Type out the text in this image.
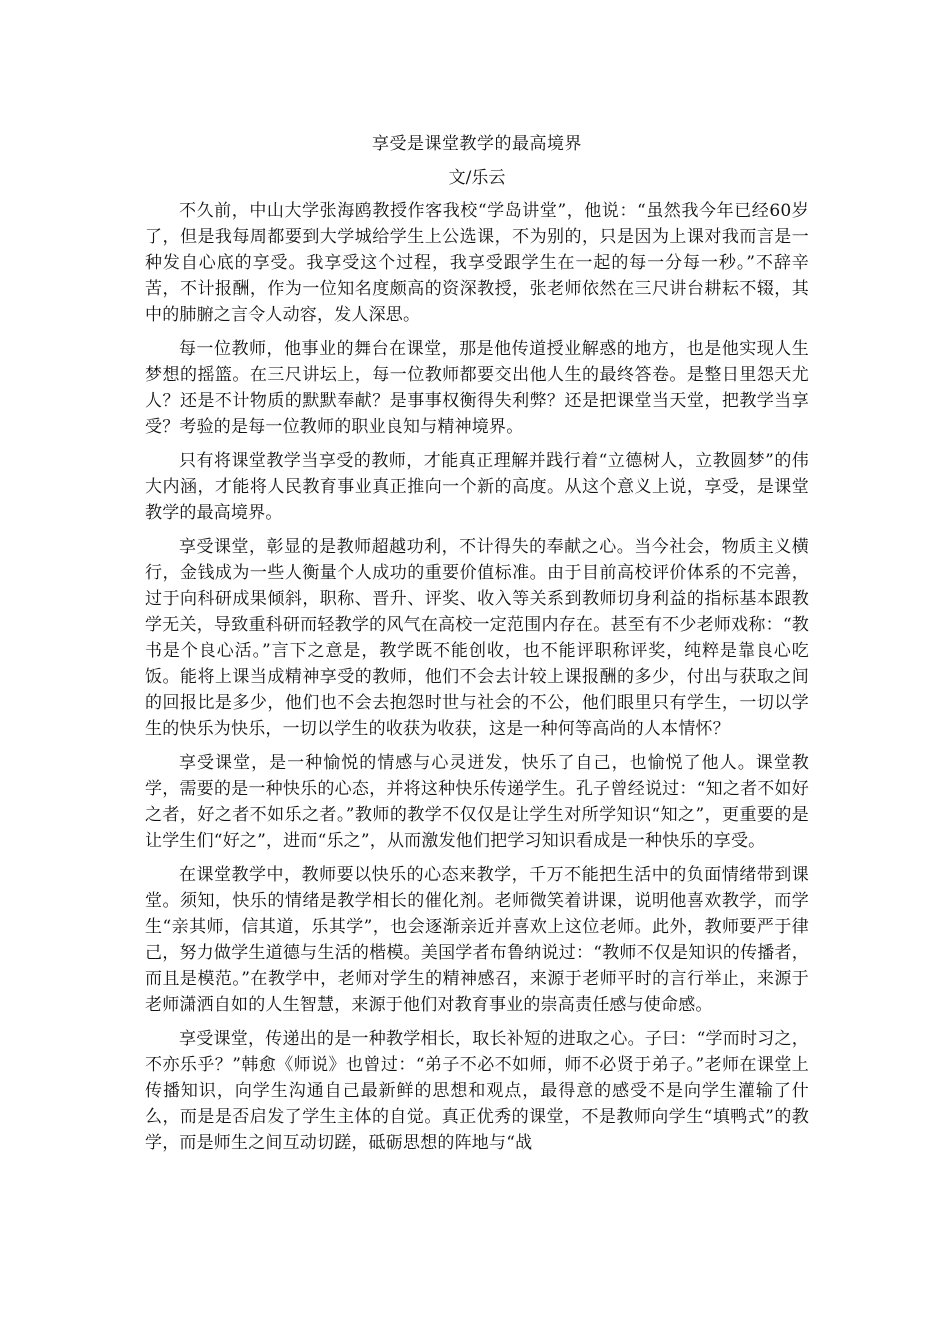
享受是课堂教学的最高境界
文/乐云

不久前，中山大学张海鸥教授作客我校“学岛讲堂”，他说：“虽然我今年已经60岁了，但是我每周都要到大学城给学生上公选课，不为别的，只是因为上课对我而言是一种发自心底的享受。我享受这个过程，我享受跟学生在一起的每一分每一秒。”不辞辛苦，不计报酬，作为一位知名度颇高的资深教授，张老师依然在三尺讲台耕耘不辍，其中的肺腑之言令人动容，发人深思。

每一位教师，他事业的舞台在课堂，那是他传道授业解惑的地方，也是他实现人生梦想的摇篮。在三尺讲坛上，每一位教师都要交出他人生的最终答卷。是整日里怨天尤人？还是不计物质的默默奉献？是事事权衡得失利弊？还是把课堂当天堂，把教学当享受？考验的是每一位教师的职业良知与精神境界。

只有将课堂教学当享受的教师，才能真正理解并践行着“立德树人，立教圆梦”的伟大内涵，才能将人民教育事业真正推向一个新的高度。从这个意义上说，享受，是课堂教学的最高境界。

享受课堂，彰显的是教师超越功利，不计得失的奉献之心。当今社会，物质主义横行，金钱成为一些人衡量个人成功的重要价值标准。由于目前高校评价体系的不完善，过于向科研成果倾斜，职称、晋升、评奖、收入等关系到教师切身利益的指标基本跟教学无关，导致重科研而轻教学的风气在高校一定范围内存在。甚至有不少老师戏称：“教书是个良心活。”言下之意是，教学既不能创收，也不能评职称评奖，纯粹是靠良心吃饭。能将上课当成精神享受的教师，他们不会去计较上课报酬的多少，付出与获取之间的回报比是多少，他们也不会去抱怨时世与社会的不公，他们眼里只有学生，一切以学生的快乐为快乐，一切以学生的收获为收获，这是一种何等高尚的人本情怀？

享受课堂，是一种愉悦的情感与心灵迸发，快乐了自己，也愉悦了他人。课堂教学，需要的是一种快乐的心态，并将这种快乐传递学生。孔子曾经说过：“知之者不如好之者，好之者不如乐之者。”教师的教学不仅仅是让学生对所学知识“知之”，更重要的是让学生们“好之”，进而“乐之”，从而激发他们把学习知识看成是一种快乐的享受。

在课堂教学中，教师要以快乐的心态来教学，千万不能把生活中的负面情绪带到课堂。须知，快乐的情绪是教学相长的催化剂。老师微笑着讲课，说明他喜欢教学，而学生“亲其师，信其道，乐其学”，也会逐渐亲近并喜欢上这位老师。此外，教师要严于律己，努力做学生道德与生活的楷模。美国学者布鲁纳说过：“教师不仅是知识的传播者，而且是模范。”在教学中，老师对学生的精神感召，来源于老师平时的言行举止，来源于老师潇洒自如的人生智慧，来源于他们对教育事业的崇高责任感与使命感。

享受课堂，传递出的是一种教学相长，取长补短的进取之心。子曰：“学而时习之，不亦乐乎？”韩愈《师说》也曾过：“弟子不必不如师，师不必贤于弟子。”老师在课堂上传播知识，向学生沟通自己最新鲜的思想和观点，最得意的感受不是向学生灌输了什么，而是是否启发了学生主体的自觉。真正优秀的课堂，不是教师向学生“填鸭式”的教学，而是师生之间互动切蹉，砥砺思想的阵地与“战
